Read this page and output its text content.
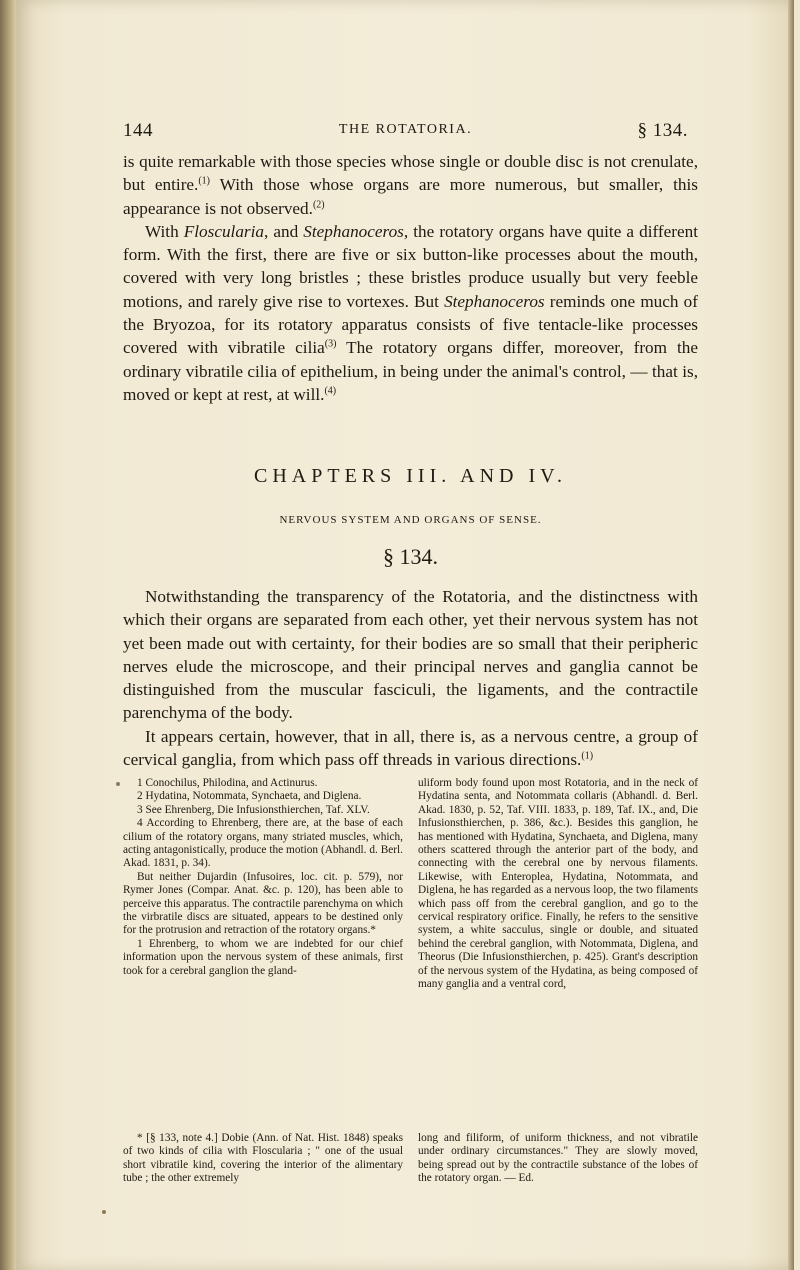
144	THE ROTATORIA.	§ 134.

is quite remarkable with those species whose single or double disc is not crenulate, but entire.$^{(1)}$ With those whose organs are more numerous, but smaller, this appearance is not observed.$^{(2)}$

With Floscularia, and Stephanoceros, the rotatory organs have quite a different form. With the first, there are five or six button-like processes about the mouth, covered with very long bristles ; these bristles produce usually but very feeble motions, and rarely give rise to vortexes. But Stephanoceros reminds one much of the Bryozoa, for its rotatory apparatus consists of five tentacle-like processes covered with vibratile cilia$^{(3)}$ The rotatory organs differ, moreover, from the ordinary vibratile cilia of epithelium, in being under the animal's control, — that is, moved or kept at rest, at will.$^{(4)}$

CHAPTERS III. AND IV.
NERVOUS SYSTEM AND ORGANS OF SENSE.
§ 134.

Notwithstanding the transparency of the Rotatoria, and the distinctness with which their organs are separated from each other, yet their nervous system has not yet been made out with certainty, for their bodies are so small that their peripheric nerves elude the microscope, and their principal nerves and ganglia cannot be distinguished from the muscular fasciculi, the ligaments, and the contractile parenchyma of the body.

It appears certain, however, that in all, there is, as a nervous centre, a group of cervical ganglia, from which pass off threads in various directions.$^{(1)}$

1 Conochilus, Philodina, and Actinurus.
2 Hydatina, Notommata, Synchaeta, and Diglena.
3 See Ehrenberg, Die Infusionsthierchen, Taf. XLV.
4 According to Ehrenberg, there are, at the base of each cilium of the rotatory organs, many striated muscles, which, acting antagonistically, produce the motion (Abhandl. d. Berl. Akad. 1831, p. 34).
But neither Dujardin (Infusoires, loc. cit. p. 579), nor Rymer Jones (Compar. Anat. &c. p. 120), has been able to perceive this apparatus. The contractile parenchyma on which the virbratile discs are situated, appears to be destined only for the protrusion and retraction of the rotatory organs.*
1 Ehrenberg, to whom we are indebted for our chief information upon the nervous system of these animals, first took for a cerebral ganglion the gland-
uliform body found upon most Rotatoria, and in the neck of Hydatina senta, and Notommata collaris (Abhandl. d. Berl. Akad. 1830, p. 52, Taf. VIII. 1833, p. 189, Taf. IX., and, Die Infusionsthierchen, p. 386, &c.). Besides this ganglion, he has mentioned with Hydatina, Synchaeta, and Diglena, many others scattered through the anterior part of the body, and connecting with the cerebral one by nervous filaments. Likewise, with Enteroplea, Hydatina, Notommata, and Diglena, he has regarded as a nervous loop, the two filaments which pass off from the cerebral ganglion, and go to the cervical respiratory orifice. Finally, he refers to the sensitive system, a white sacculus, single or double, and situated behind the cerebral ganglion, with Notommata, Diglena, and Theorus (Die Infusionsthierchen, p. 425). Grant's description of the nervous system of the Hydatina, as being composed of many ganglia and a ventral cord,
* [§ 133, note 4.] Dobie (Ann. of Nat. Hist. 1848) speaks of two kinds of cilia with Floscularia ; " one of the usual short vibratile kind, covering the interior of the alimentary tube ; the other extremely
long and filiform, of uniform thickness, and not vibratile under ordinary circumstances." They are slowly moved, being spread out by the contractile substance of the lobes of the rotatory organ. — Ed.
